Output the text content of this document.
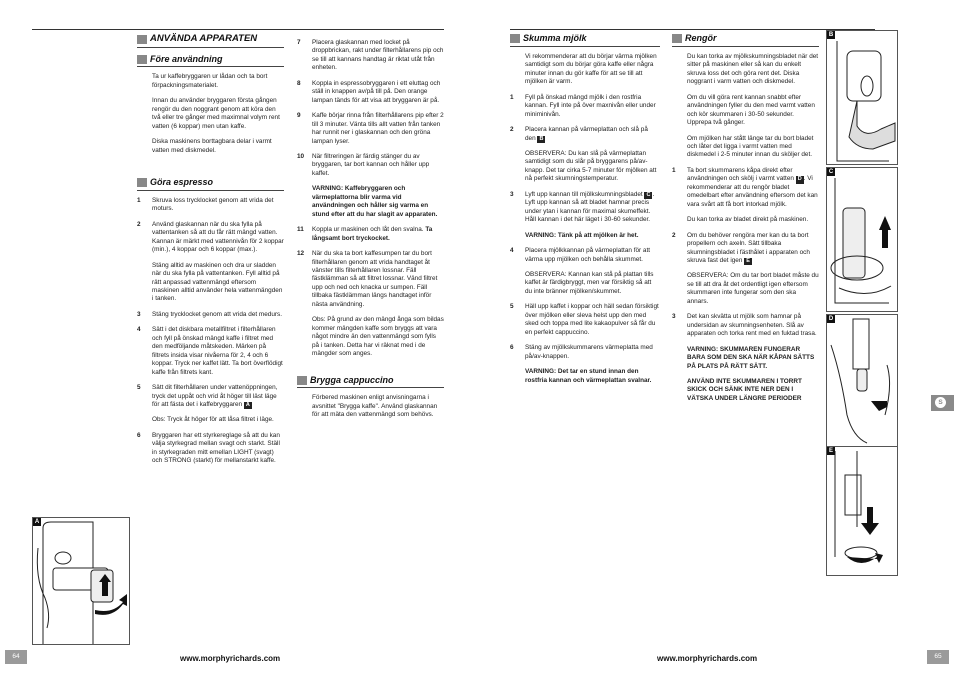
ANVÄNDA APPARATEN
Före användning
Ta ur kaffebryggaren ur lådan och ta bort förpackningsmaterialet.
Innan du använder bryggaren första gången rengör du den noggrant genom att köra den två eller tre gånger med maximnal volym rent vatten (6 koppar) men utan kaffe.
Diska maskinens borttagbara delar i varmt vatten med diskmedel.
Göra espresso
1	Skruva loss trycklocket genom att vrida det moturs.
2	Använd glaskannan när du ska fylla på vattentanken så att du får rätt mängd vatten. Kannan är märkt med vattennivån för 2 koppar (min.), 4 koppar och 6 koppar (max.).
Stäng alltid av maskinen och dra ur sladden när du ska fylla på vattentanken. Fyll alltid på rätt anpassad vattenmängd eftersom maskinen alltid använder hela vattenmängden i tanken.
3	Stäng trycklocket genom att vrida det medurs.
4	Sätt i det diskbara metallfiltret i filterhållaren och fyll på önskad mängd kaffe i filtret med den medföljande måtskeden. Märken på filtrets insida visar nivåerna för 2, 4 och 6 koppar. Tryck ner kaffet lätt. Ta bort överflödigt kaffe från filtrets kant.
5	Sätt dit filterhållaren under vattenöppningen, tryck det uppåt och vrid åt höger till läst läge för att fästa det i kaffebryggaren A
Obs: Tryck åt höger för att låsa filtret i läge.
6	Bryggaren har ett styrkereglage så att du kan välja styrkegrad mellan svagt och starkt. Ställ in styrkegraden mitt emellan LIGHT (svagt) och STRONG (starkt) för mellanstarkt kaffe.
7	Placera glaskannan med locket på droppbrickan, rakt under filterhållarens pip och se till att kannans handtag är riktat utåt från enheten.
8	Koppla in espressobryggaren i ett eluttag och ställ in knappen av/på till på. Den orange lampan tänds för att visa att bryggaren är på.
9	Kaffe börjar rinna från filterhållarens pip efter 2 till 3 minuter. Vänta tills allt vatten från tanken har runnit ner i glaskannan och den gröna lampan lyser.
10	När filtreringen är färdig stänger du av bryggaren, tar bort kannan och håller upp kaffet.
VARNING: Kaffebryggaren och värmeplattorna blir varma vid användningen och håller sig varma en stund efter att du har slagit av apparaten.
11	Koppla ur maskinen och låt den svalna. Ta långsamt bort tryckocket.
12	När du ska ta bort kaffesumpen tar du bort filterhållaren genom att vrida handtaget åt vänster tills filterhållaren lossnar. Fäll fästklämman så att filtret lossnar. Vänd filtret upp och ned och knacka ur sumpen. Fäll tillbaka fästklämman längs handtaget inför nästa användning.
Obs: På grund av den mängd ånga som bildas kommer mängden kaffe som bryggs att vara något mindre än den vattenmängd som fylls på i tanken. Detta har vi räknat med i de mängder som anges.
Brygga cappuccino
Förbered maskinen enligt anvisningarna i avsnittet "Brygga kaffe". Använd glaskannan för att mäta den vattenmängd som behövs.
A
64	www.morphyrichards.com
Skumma mjölk
Vi rekommenderar att du börjar värma mjölken samtidigt som du börjar göra kaffe eller några minuter innan du gör kaffe för att se till att mjölken är varm.
1	Fyll på önskad mängd mjölk i den rostfria kannan. Fyll inte på över maxnivån eller under miniminivån.
2	Placera kannan på värmeplattan och slå på den B
OBSERVERA: Du kan slå på värmeplattan samtidigt som du slår på bryggarens på/av-knapp. Det tar cirka 5-7 minuter för mjölken att nå perfekt skumningstemperatur.
3	Lyft upp kannan till mjölkskumningsbladet C . Lyft upp kannan så att bladet hamnar precis under ytan i kannan för maximal skumeffekt. Håll kannan i det här läget i 30-60 sekunder.
VARNING: Tänk på att mjölken är het.
4	Placera mjölkkannan på värmeplattan för att värma upp mjölken och behålla skummet.
OBSERVERA: Kannan kan stå på plattan tills kaffet är färdigbryggt, men var försiktig så att du inte bränner mjölken/skummet.
5	Häll upp kaffet i koppar och häll sedan försiktigt över mjölken eller sleva helst upp den med sked och toppa med lite kakaopulver så får du en perfekt cappuccino.
6	Stäng av mjölkskummarens värmeplatta med på/av-knappen.
VARNING: Det tar en stund innan den rostfria kannan och värmeplattan svalnar.
Rengör
Du kan torka av mjölkskumningsbladet när det sitter på maskinen eller så kan du enkelt skruva loss det och göra rent det. Diska noggrant i varm vatten och diskmedel.
Om du vill göra rent kannan snabbt efter användningen fyller du den med varmt vatten och kör skummaren i 30-50 sekunder. Upprepa två gånger.
Om mjölken har stått länge tar du bort bladet och låter det ligga i varmt vatten med diskmedel i 2-5 minuter innan du sköljer det.
1	Ta bort skummarens kåpa direkt efter användningen och skölj i varmt vatten D . Vi rekommenderar att du rengör bladet omedelbart efter användning eftersom det kan vara svårt att få bort intorkad mjölk.
Du kan torka av bladet direkt på maskinen.
2	Om du behöver rengöra mer kan du ta bort propellern och axeln. Sätt tillbaka skumningsbladet i fästhålet i apparaten och skruva fast det igen E
OBSERVERA: Om du tar bort bladet måste du se till att dra åt det ordentligt igen eftersom skummaren inte fungerar som den ska annars.
3	Det kan skvätta ut mjölk som hamnar på undersidan av skumningsenheten. Slå av apparaten och torka rent med en fuktad trasa.
VARNING: SKUMMAREN FUNGERAR BARA SOM DEN SKA NÄR KÅPAN SÄTTS PÅ PLATS PÅ RÄTT SÄTT.
ANVÄND INTE SKUMMAREN I TORRT SKICK OCH SÄNK INTE NER DEN I VÄTSKA UNDER LÄNGRE PERIODER
B
C
D
E
www.morphyrichards.com	65
S
